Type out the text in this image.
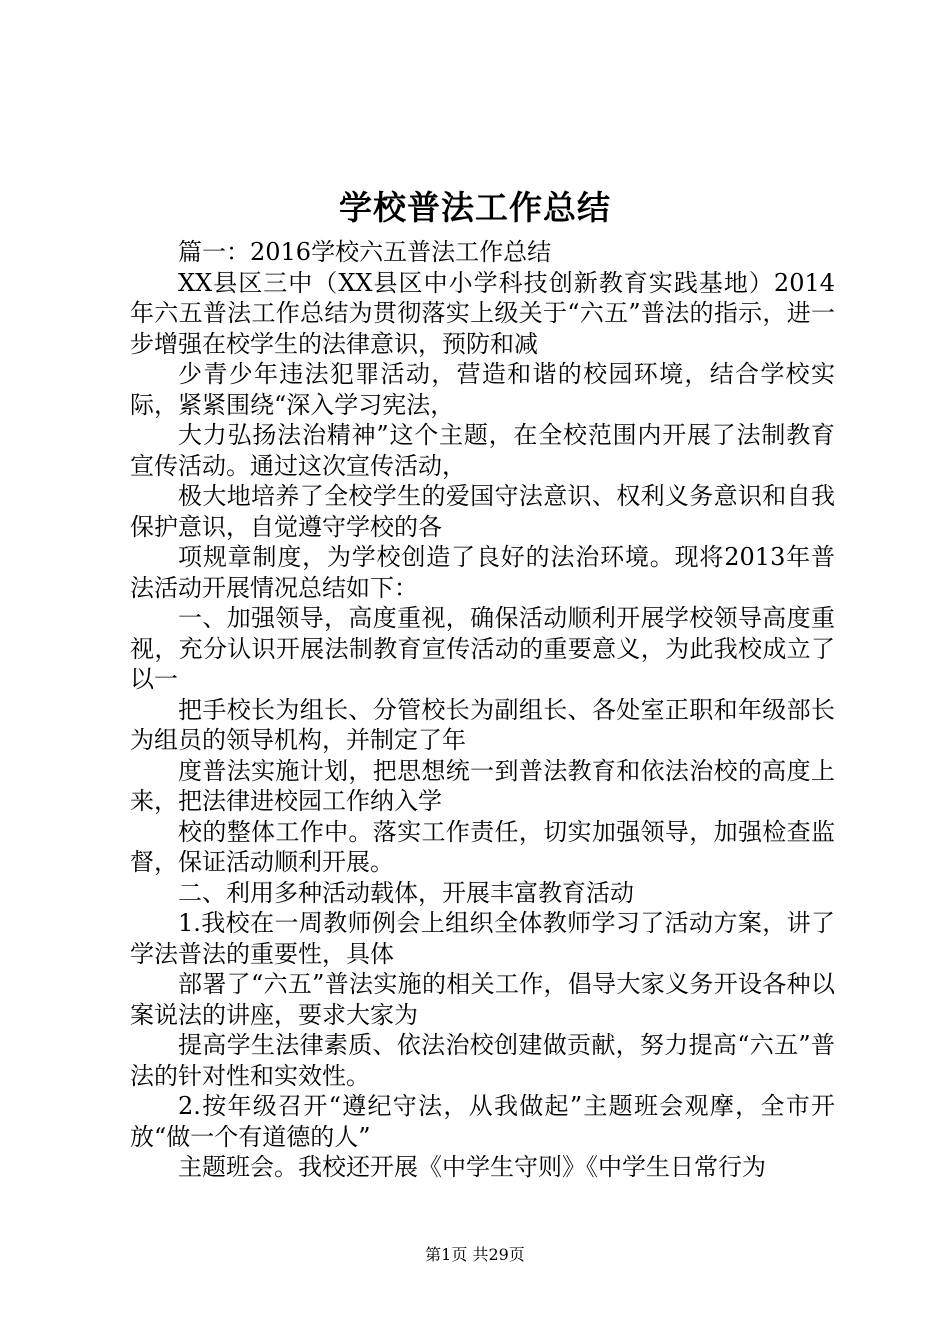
学校普法工作总结

篇一：2016学校六五普法工作总结

XX县区三中（XX县区中小学科技创新教育实践基地）2014年六五普法工作总结为贯彻落实上级关于“六五”普法的指示，进一步增强在校学生的法律意识，预防和减

少青少年违法犯罪活动，营造和谐的校园环境，结合学校实际，紧紧围绕“深入学习宪法，

大力弘扬法治精神”这个主题，在全校范围内开展了法制教育宣传活动。通过这次宣传活动，

极大地培养了全校学生的爱国守法意识、权利义务意识和自我保护意识，自觉遵守学校的各

项规章制度，为学校创造了良好的法治环境。现将2013年普法活动开展情况总结如下：

一、加强领导，高度重视，确保活动顺利开展学校领导高度重视，充分认识开展法制教育宣传活动的重要意义，为此我校成立了以一

把手校长为组长、分管校长为副组长、各处室正职和年级部长为组员的领导机构，并制定了年

度普法实施计划，把思想统一到普法教育和依法治校的高度上来，把法律进校园工作纳入学

校的整体工作中。落实工作责任，切实加强领导，加强检查监督，保证活动顺利开展。

二、利用多种活动载体，开展丰富教育活动

1.我校在一周教师例会上组织全体教师学习了活动方案，讲了学法普法的重要性，具体

部署了“六五”普法实施的相关工作，倡导大家义务开设各种以案说法的讲座，要求大家为

提高学生法律素质、依法治校创建做贡献，努力提高“六五”普法的针对性和实效性。

2.按年级召开“遵纪守法，从我做起”主题班会观摩，全市开放“做一个有道德的人”

主题班会。我校还开展《中学生守则》《中学生日常行为

第1页 共29页
